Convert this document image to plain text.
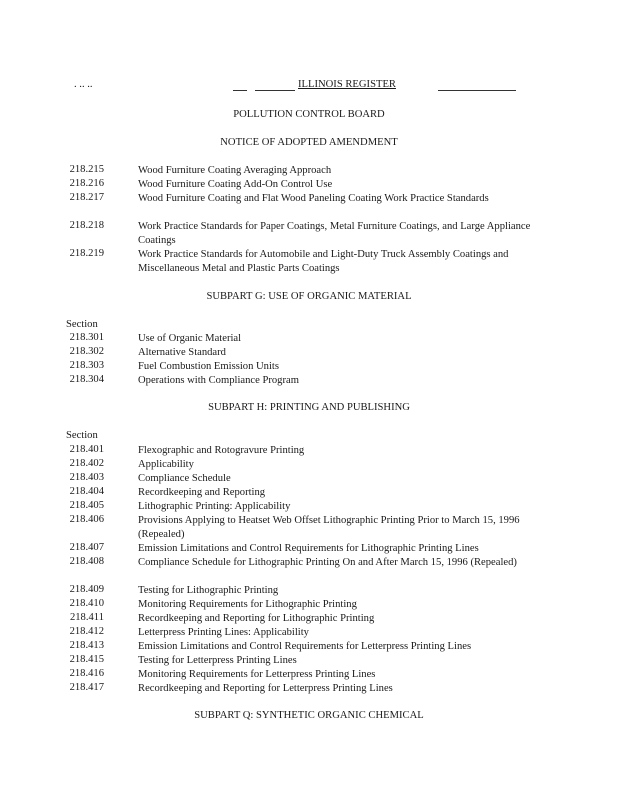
. .. ..	ILLINOIS REGISTER
POLLUTION CONTROL BOARD
NOTICE OF ADOPTED AMENDMENT
218.215	Wood Furniture Coating Averaging Approach
218.216	Wood Furniture Coating Add-On Control Use
218.217	Wood Furniture Coating and Flat Wood Paneling Coating Work Practice Standards
218.218	Work Practice Standards for Paper Coatings, Metal Furniture Coatings, and Large Appliance Coatings
218.219	Work Practice Standards for Automobile and Light-Duty Truck Assembly Coatings and Miscellaneous Metal and Plastic Parts Coatings
SUBPART G: USE OF ORGANIC MATERIAL
Section
218.301	Use of Organic Material
218.302	Alternative Standard
218.303	Fuel Combustion Emission Units
218.304	Operations with Compliance Program
SUBPART H: PRINTING AND PUBLISHING
Section
218.401	Flexographic and Rotogravure Printing
218.402	Applicability
218.403	Compliance Schedule
218.404	Recordkeeping and Reporting
218.405	Lithographic Printing: Applicability
218.406	Provisions Applying to Heatset Web Offset Lithographic Printing Prior to March 15, 1996 (Repealed)
218.407	Emission Limitations and Control Requirements for Lithographic Printing Lines
218.408	Compliance Schedule for Lithographic Printing On and After March 15, 1996 (Repealed)
218.409	Testing for Lithographic Printing
218.410	Monitoring Requirements for Lithographic Printing
218.411	Recordkeeping and Reporting for Lithographic Printing
218.412	Letterpress Printing Lines: Applicability
218.413	Emission Limitations and Control Requirements for Letterpress Printing Lines
218.415	Testing for Letterpress Printing Lines
218.416	Monitoring Requirements for Letterpress Printing Lines
218.417	Recordkeeping and Reporting for Letterpress Printing Lines
SUBPART Q: SYNTHETIC ORGANIC CHEMICAL
